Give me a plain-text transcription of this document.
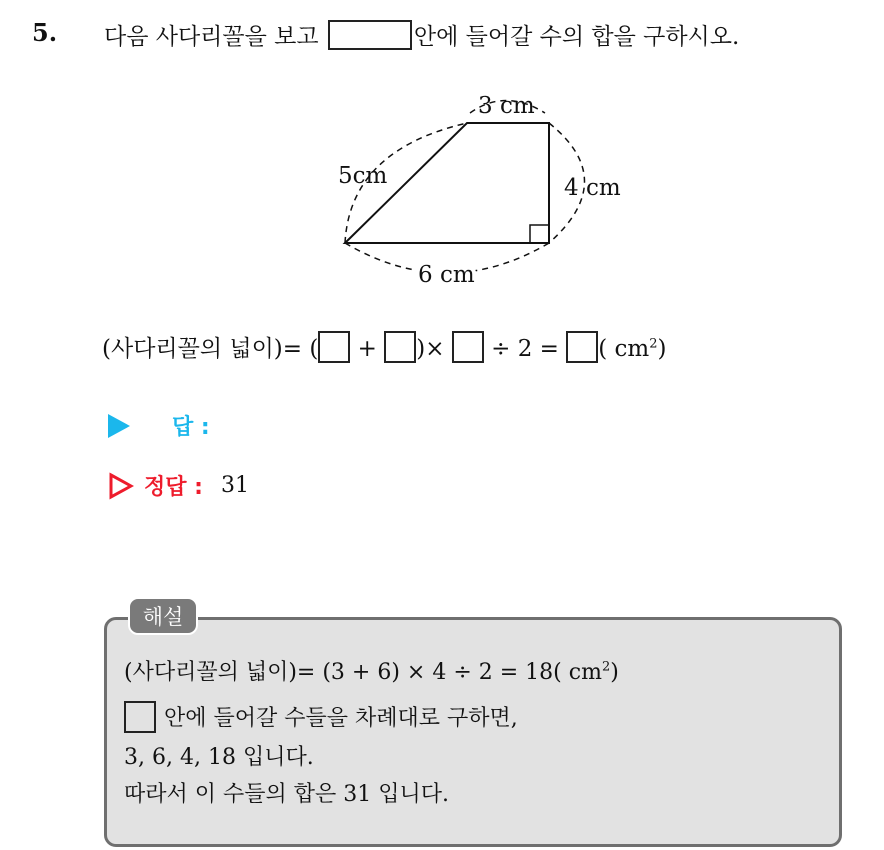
5. 다음 사다리꼴을 보고	안에 들어갈 수의 합을 구하시오.
3 cm
5cm	4 cm
6 cm
(사다리꼴의 넓이)= ( + )× ÷ 2 = ( $cm^2$)
답 :
정답 : 31
해설
(사다리꼴의 넓이)= (3 + 6) × 4 ÷ 2 = 18( $cm^2$)
안에 들어갈 수들을 차례대로 구하면,
3, 6, 4, 18 입니다.
따라서 이 수들의 합은 31 입니다.
